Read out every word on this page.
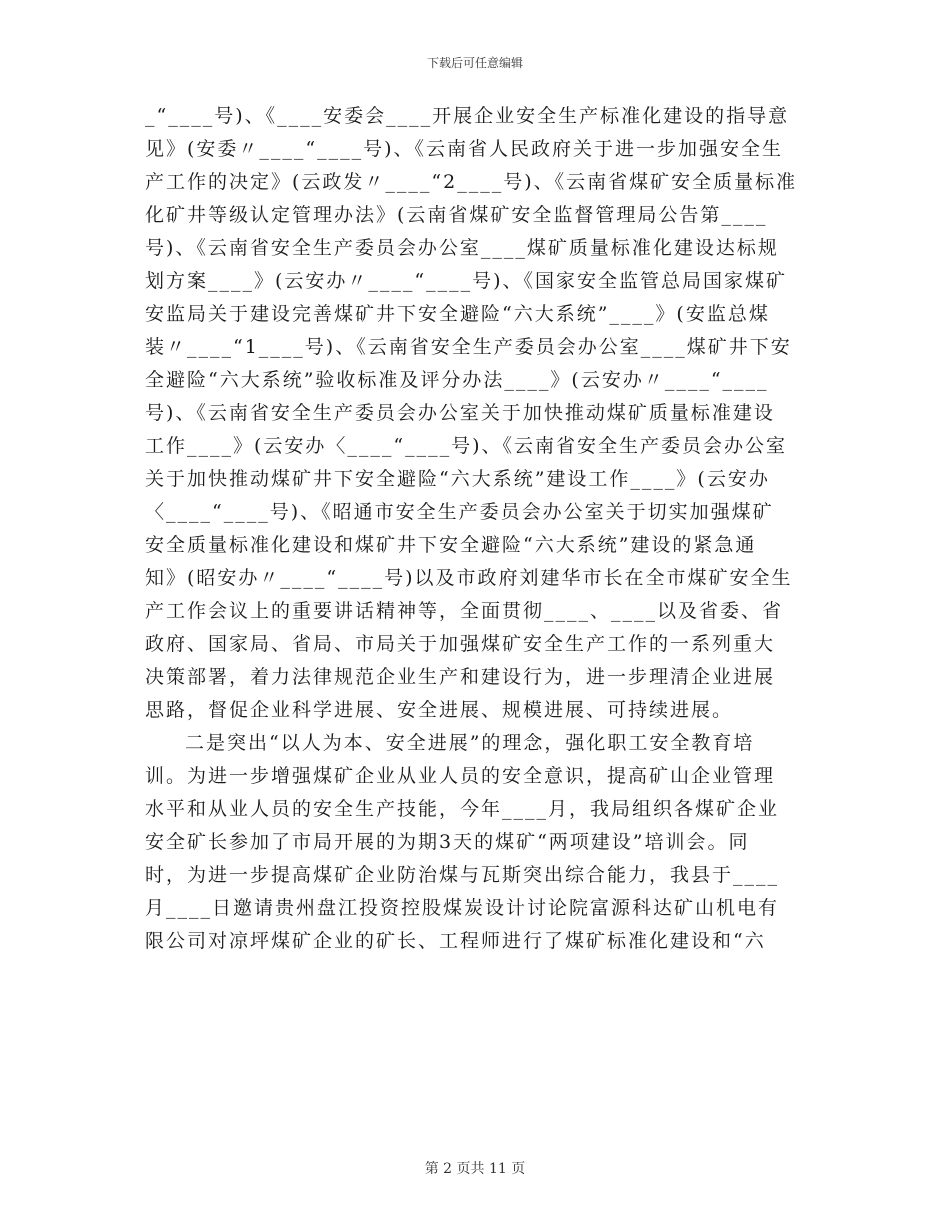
下载后可任意编辑
_“____号)、《____安委会____开展企业安全生产标准化建设的指导意
见》(安委〃____“____号)、《云南省人民政府关于进一步加强安全生
产工作的决定》(云政发〃____“2____号)、《云南省煤矿安全质量标准
化矿井等级认定管理办法》(云南省煤矿安全监督管理局公告第____
号)、《云南省安全生产委员会办公室____煤矿质量标准化建设达标规
划方案____》(云安办〃____“____号)、《国家安全监管总局国家煤矿
安监局关于建设完善煤矿井下安全避险“六大系统”____》(安监总煤
装〃____“1____号)、《云南省安全生产委员会办公室____煤矿井下安
全避险“六大系统”验收标准及评分办法____》(云安办〃____“____
号)、《云南省安全生产委员会办公室关于加快推动煤矿质量标准建设
工作____》(云安办〈____“____号)、《云南省安全生产委员会办公室
关于加快推动煤矿井下安全避险“六大系统”建设工作____》(云安办
〈____“____号)、《昭通市安全生产委员会办公室关于切实加强煤矿
安全质量标准化建设和煤矿井下安全避险“六大系统”建设的紧急通
知》(昭安办〃____“____号)以及市政府刘建华市长在全市煤矿安全生
产工作会议上的重要讲话精神等，全面贯彻____、____以及省委、省
政府、国家局、省局、市局关于加强煤矿安全生产工作的一系列重大
决策部署，着力法律规范企业生产和建设行为，进一步理清企业进展
思路，督促企业科学进展、安全进展、规模进展、可持续进展。
二是突出“以人为本、安全进展”的理念，强化职工安全教育培
训。为进一步增强煤矿企业从业人员的安全意识，提高矿山企业管理
水平和从业人员的安全生产技能，今年____月，我局组织各煤矿企业
安全矿长参加了市局开展的为期3天的煤矿“两项建设”培训会。同
时，为进一步提高煤矿企业防治煤与瓦斯突出综合能力，我县于____
月____日邀请贵州盘江投资控股煤炭设计讨论院富源科达矿山机电有
限公司对凉坪煤矿企业的矿长、工程师进行了煤矿标准化建设和“六
第 2 页共 11 页
